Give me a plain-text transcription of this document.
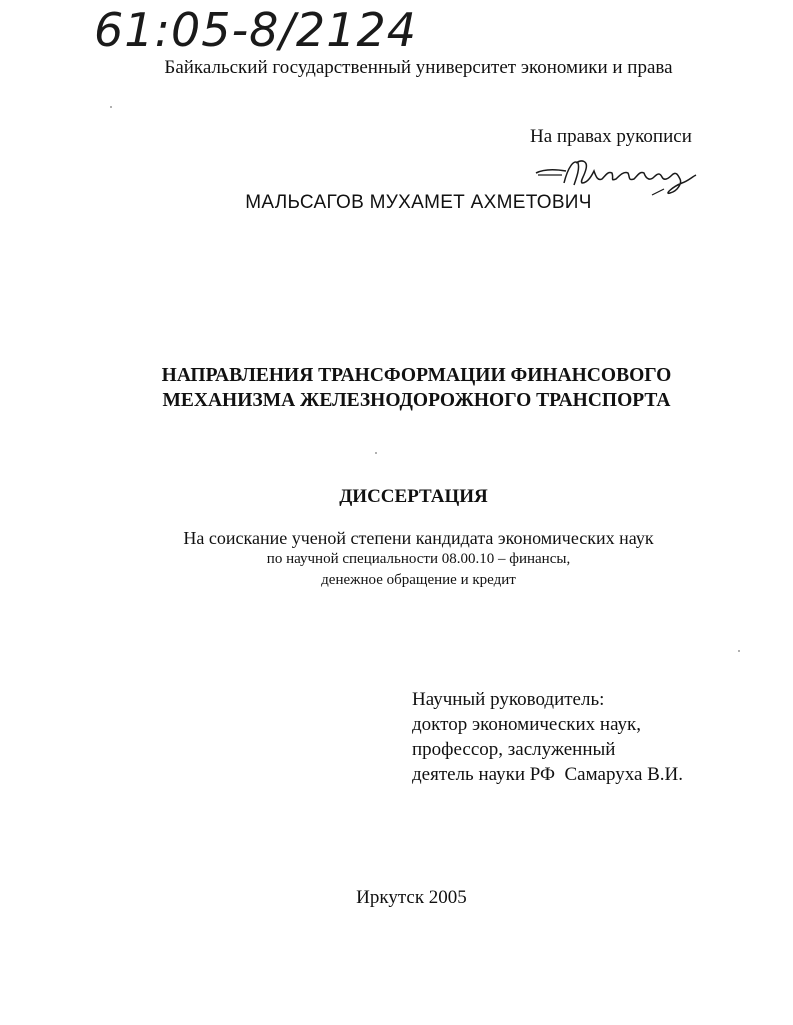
61:05-8/2124
Байкальский государственный университет экономики и права
На правах рукописи
МАЛЬСАГОВ МУХАМЕТ АХМЕТОВИЧ
НАПРАВЛЕНИЯ ТРАНСФОРМАЦИИ ФИНАНСОВОГО
МЕХАНИЗМА ЖЕЛЕЗНОДОРОЖНОГО ТРАНСПОРТА
ДИССЕРТАЦИЯ
На соискание ученой степени кандидата экономических наук
по научной специальности 08.00.10 – финансы,
денежное обращение и кредит
Научный руководитель:
доктор экономических наук,
профессор, заслуженный
деятель науки РФ  Самаруха В.И.
Иркутск 2005
